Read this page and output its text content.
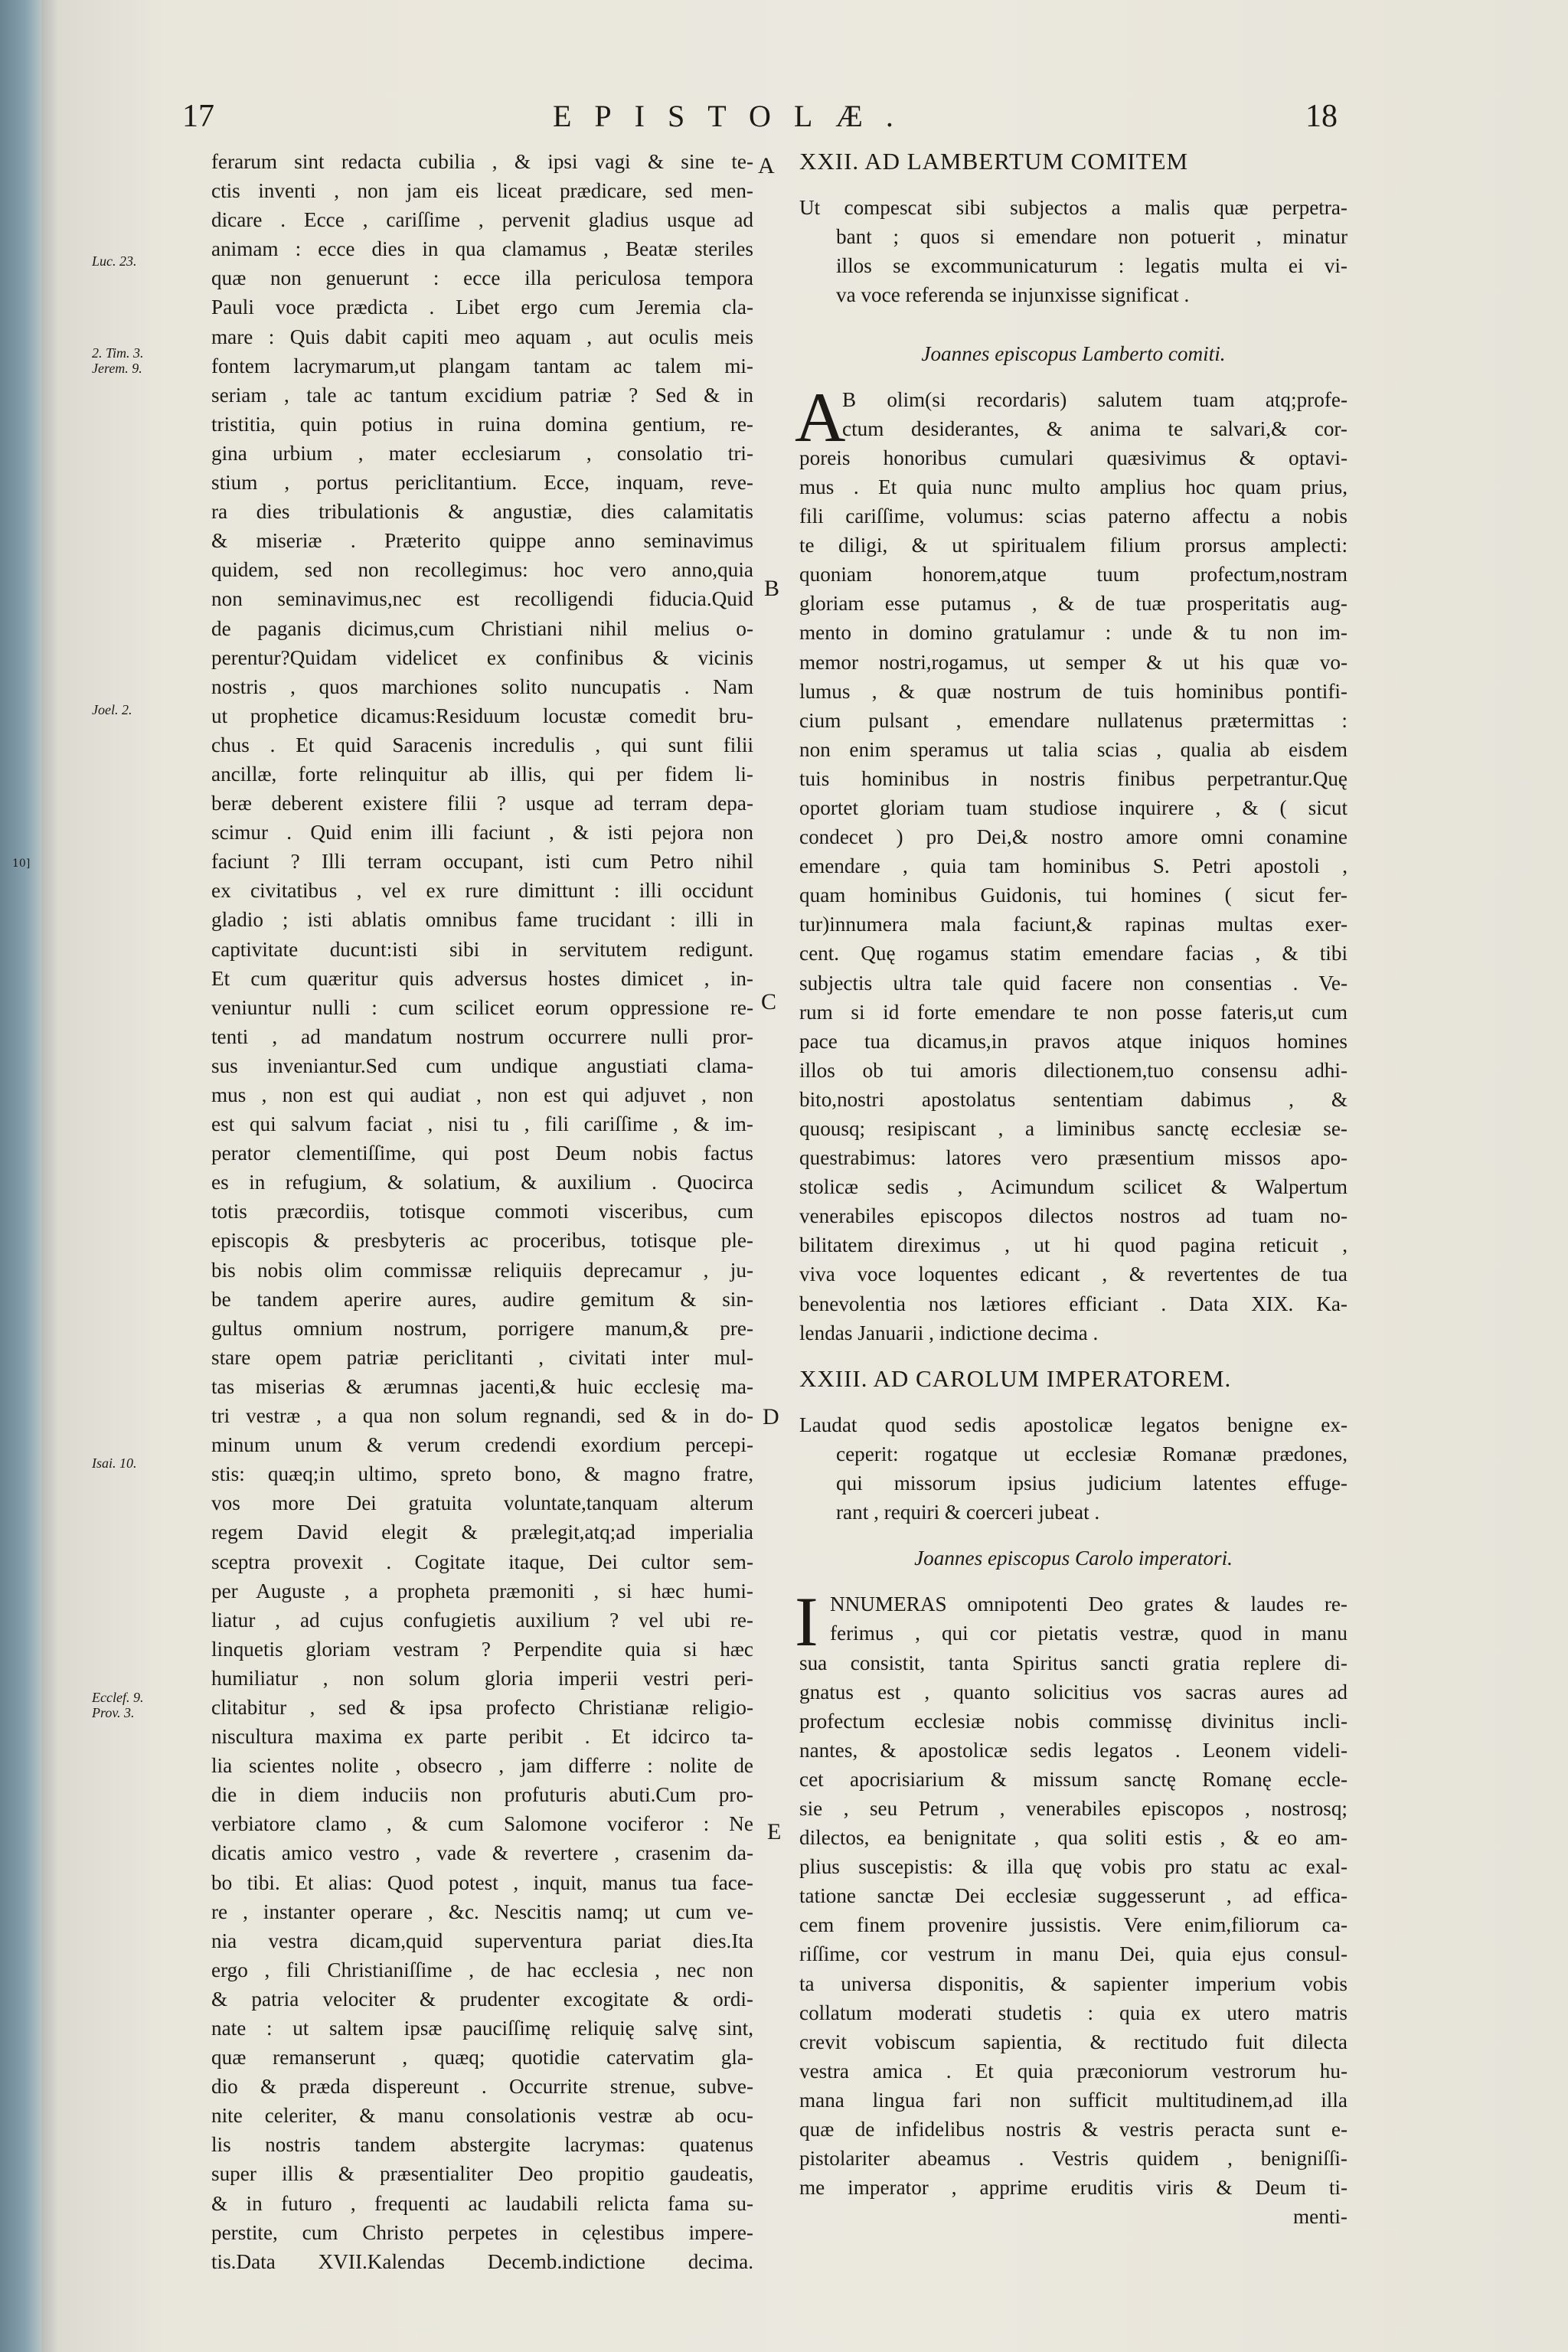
10]
17	EPISTOLÆ.	18
Luc. 23.
2. Tim. 3.
Jerem. 9.
Joel. 2.
Isai. 10.
Ecclef. 9.
Prov. 3.
A
B
C
D
E
ferarum sint redacta cubilia , & ipsi vagi & sine te-
ctis inventi , non jam eis liceat prædicare, sed men-
dicare . Ecce , cariſſime , pervenit gladius usque ad
animam : ecce dies in qua clamamus , Beatæ steriles
quæ non genuerunt : ecce illa periculosa tempora
Pauli voce prædicta . Libet ergo cum Jeremia cla-
mare : Quis dabit capiti meo aquam , aut oculis meis
fontem lacrymarum,ut plangam tantam ac talem mi-
seriam , tale ac tantum excidium patriæ ? Sed & in
tristitia, quin potius in ruina domina gentium, re-
gina urbium , mater ecclesiarum , consolatio tri-
stium , portus periclitantium. Ecce, inquam, reve-
ra dies tribulationis & angustiæ, dies calamitatis
& miseriæ . Præterito quippe anno seminavimus
quidem, sed non recollegimus: hoc vero anno,quia
non seminavimus,nec est recolligendi fiducia.Quid
de paganis dicimus,cum Christiani nihil melius o-
perentur?Quidam videlicet ex confinibus & vicinis
nostris , quos marchiones solito nuncupatis . Nam
ut prophetice dicamus:Residuum locustæ comedit bru-
chus . Et quid Saracenis incredulis , qui sunt filii
ancillæ, forte relinquitur ab illis, qui per fidem li-
beræ deberent existere filii ? usque ad terram depa-
scimur . Quid enim illi faciunt , & isti pejora non
faciunt ? Illi terram occupant, isti cum Petro nihil
ex civitatibus , vel ex rure dimittunt : illi occidunt
gladio ; isti ablatis omnibus fame trucidant : illi in
captivitate ducunt:isti sibi in servitutem redigunt.
Et cum quæritur quis adversus hostes dimicet , in-
veniuntur nulli : cum scilicet eorum oppressione re-
tenti , ad mandatum nostrum occurrere nulli pror-
sus inveniantur.Sed cum undique angustiati clama-
mus , non est qui audiat , non est qui adjuvet , non
est qui salvum faciat , nisi tu , fili cariſſime , & im-
perator clementiſſime, qui post Deum nobis factus
es in refugium, & solatium, & auxilium . Quocirca
totis præcordiis, totisque commoti visceribus, cum
episcopis & presbyteris ac proceribus, totisque ple-
bis nobis olim commissæ reliquiis deprecamur , ju-
be tandem aperire aures, audire gemitum & sin-
gultus omnium nostrum, porrigere manum,& pre-
stare opem patriæ periclitanti , civitati inter mul-
tas miserias & ærumnas jacenti,& huic ecclesię ma-
tri vestræ , a qua non solum regnandi, sed & in do-
minum unum & verum credendi exordium percepi-
stis: quæq;in ultimo, spreto bono, & magno fratre,
vos more Dei gratuita voluntate,tanquam alterum
regem David elegit & prælegit,atq;ad imperialia
sceptra provexit . Cogitate itaque, Dei cultor sem-
per Auguste , a propheta præmoniti , si hæc humi-
liatur , ad cujus confugietis auxilium ? vel ubi re-
linquetis gloriam vestram ? Perpendite quia si hæc
humiliatur , non solum gloria imperii vestri peri-
clitabitur , sed & ipsa profecto Christianæ religio-
niscultura maxima ex parte peribit . Et idcirco ta-
lia scientes nolite , obsecro , jam differre : nolite de
die in diem induciis non profuturis abuti.Cum pro-
verbiatore clamo , & cum Salomone vociferor : Ne
dicatis amico vestro , vade & revertere , crasenim da-
bo tibi. Et alias: Quod potest , inquit, manus tua face-
re , instanter operare , &c. Nescitis namq; ut cum ve-
nia vestra dicam,quid superventura pariat dies.Ita
ergo , fili Christianiſſime , de hac ecclesia , nec non
& patria velociter & prudenter excogitate & ordi-
nate : ut saltem ipsæ pauciſſimę reliquię salvę sint,
quæ remanserunt , quæq; quotidie catervatim gla-
dio & præda dispereunt . Occurrite strenue, subve-
nite celeriter, & manu consolationis vestræ ab ocu-
lis nostris tandem abstergite lacrymas: quatenus
super illis & præsentialiter Deo propitio gaudeatis,
& in futuro , frequenti ac laudabili relicta fama su-
perstite, cum Christo perpetes in cęlestibus impere-
tis.Data XVII.Kalendas Decemb.indictione decima.
XXII. AD LAMBERTUM COMITEM
Ut compescat sibi subjectos a malis quæ perpetra-
bant ; quos si emendare non potuerit , minatur
illos se excommunicaturum : legatis multa ei vi-
va voce referenda se injunxisse significat .
Joannes episcopus Lamberto comiti.
A
B olim(si recordaris) salutem tuam atq;profe-
ctum desiderantes, & anima te salvari,& cor-
poreis honoribus cumulari quæsivimus & optavi-
mus . Et quia nunc multo amplius hoc quam prius,
fili cariſſime, volumus: scias paterno affectu a nobis
te diligi, & ut spiritualem filium prorsus amplecti:
quoniam honorem,atque tuum profectum,nostram
gloriam esse putamus , & de tuæ prosperitatis aug-
mento in domino gratulamur : unde & tu non im-
memor nostri,rogamus, ut semper & ut his quæ vo-
lumus , & quæ nostrum de tuis hominibus pontifi-
cium pulsant , emendare nullatenus prætermittas :
non enim speramus ut talia scias , qualia ab eisdem
tuis hominibus in nostris finibus perpetrantur.Quę
oportet gloriam tuam studiose inquirere , & ( sicut
condecet ) pro Dei,& nostro amore omni conamine
emendare , quia tam hominibus S. Petri apostoli ,
quam hominibus Guidonis, tui homines ( sicut fer-
tur)innumera mala faciunt,& rapinas multas exer-
cent. Quę rogamus statim emendare facias , & tibi
subjectis ultra tale quid facere non consentias . Ve-
rum si id forte emendare te non posse fateris,ut cum
pace tua dicamus,in pravos atque iniquos homines
illos ob tui amoris dilectionem,tuo consensu adhi-
bito,nostri apostolatus sententiam dabimus , &
quousq; resipiscant , a liminibus sanctę ecclesiæ se-
questrabimus: latores vero præsentium missos apo-
stolicæ sedis , Acimundum scilicet & Walpertum
venerabiles episcopos dilectos nostros ad tuam no-
bilitatem direximus , ut hi quod pagina reticuit ,
viva voce loquentes edicant , & revertentes de tua
benevolentia nos lætiores efficiant . Data XIX. Ka-
lendas Januarii , indictione decima .
XXIII. AD CAROLUM IMPERATOREM.
Laudat quod sedis apostolicæ legatos benigne ex-
ceperit: rogatque ut ecclesiæ Romanæ prædones,
qui missorum ipsius judicium latentes effuge-
rant , requiri & coerceri jubeat .
Joannes episcopus Carolo imperatori.
I NNUMERAS omnipotenti Deo grates & laudes re-
ferimus , qui cor pietatis vestræ, quod in manu
sua consistit, tanta Spiritus sancti gratia replere di-
gnatus est , quanto solicitius vos sacras aures ad
profectum ecclesiæ nobis commissę divinitus incli-
nantes, & apostolicæ sedis legatos . Leonem videli-
cet apocrisiarium & missum sanctę Romanę eccle-
sie , seu Petrum , venerabiles episcopos , nostrosq;
dilectos, ea benignitate , qua soliti estis , & eo am-
plius suscepistis: & illa quę vobis pro statu ac exal-
tatione sanctæ Dei ecclesiæ suggesserunt , ad effica-
cem finem provenire jussistis. Vere enim,filiorum ca-
riſſime, cor vestrum in manu Dei, quia ejus consul-
ta universa disponitis, & sapienter imperium vobis
collatum moderati studetis : quia ex utero matris
crevit vobiscum sapientia, & rectitudo fuit dilecta
vestra amica . Et quia præconiorum vestrorum hu-
mana lingua fari non sufficit multitudinem,ad illa
quæ de infidelibus nostris & vestris peracta sunt e-
pistolariter abeamus . Vestris quidem , benigniſſi-
me imperator , apprime eruditis viris & Deum ti-
menti-
